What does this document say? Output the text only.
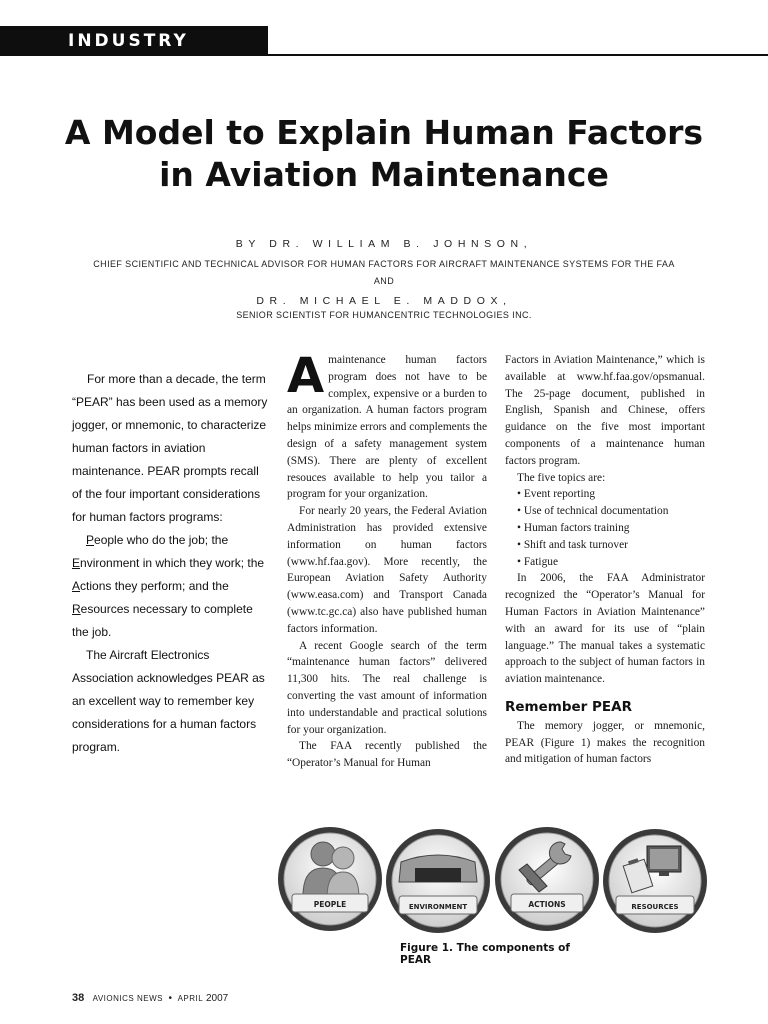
INDUSTRY
A Model to Explain Human Factors
in Aviation Maintenance

BY DR. WILLIAM B. JOHNSON,

CHIEF SCIENTIFIC AND TECHNICAL ADVISOR FOR HUMAN FACTORS FOR AIRCRAFT MAINTENANCE SYSTEMS FOR THE FAA

AND

DR. MICHAEL E. MADDOX,

SENIOR SCIENTIST FOR HUMANCENTRIC TECHNOLOGIES INC.

For more than a decade, the term “PEAR” has been used as a memory jogger, or mnemonic, to characterize human factors in aviation maintenance. PEAR prompts recall of the four important considerations for human factors programs:

People who do the job; the Environment in which they work; the Actions they perform; and the Resources necessary to complete the job.

The Aircraft Electronics Association acknowledges PEAR as an excellent way to remember key considerations for a human factors program.

Amaintenance human factors program does not have to be complex, expensive or a burden to an organization. A human factors program helps minimize errors and complements the design of a safety management system (SMS). There are plenty of excellent resouces available to help you tailor a program for your organization.

For nearly 20 years, the Federal Aviation Administration has provided extensive information on human factors (www.hf.faa.gov). More recently, the European Aviation Safety Authority (www.easa.com) and Transport Canada (www.tc.gc.ca) also have published human factors information.

A recent Google search of the term “maintenance human factors” delivered 11,300 hits. The real challenge is converting the vast amount of information into understandable and practical solutions for your organization.

The FAA recently published the “Operator’s Manual for Human

Factors in Aviation Maintenance,” which is available at www.hf.faa.gov/opsmanual. The 25-page document, published in English, Spanish and Chinese, offers guidance on the five most important components of a maintenance human factors program.

The five topics are:

• Event reporting
• Use of technical documentation
• Human factors training
• Shift and task turnover
• Fatigue

In 2006, the FAA Administrator recognized the “Operator’s Manual for Human Factors in Aviation Maintenance” with an award for its use of “plain language.” The manual takes a systematic approach to the subject of human factors in aviation maintenance.

Remember PEAR

The memory jogger, or mnemonic, PEAR (Figure 1) makes the recognition and mitigation of human factors

PEOPLE	ENVIRONMENT	ACTIONS	RESOURCES

Figure 1. The components of PEAR

38 AVIONICS NEWS • APRIL 2007
